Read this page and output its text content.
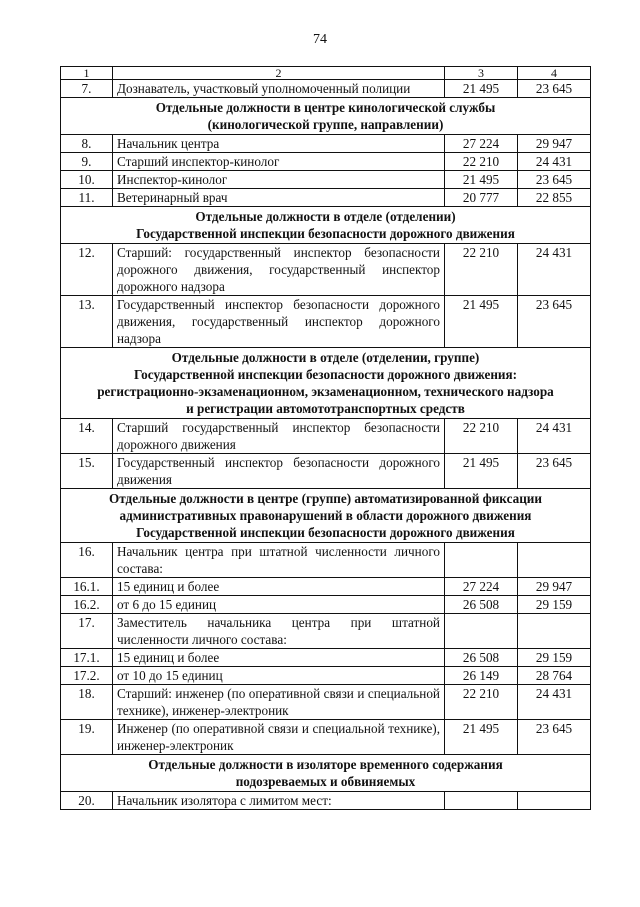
74
1	2	3	4
7.	Дознаватель, участковый уполномоченный полиции	21 495	23 645

Отдельные должности в центре кинологической службы
(кинологической группе, направлении)			

8.	Начальник центра	27 224	29 947
9.	Старший инспектор-кинолог	22 210	24 431
10.	Инспектор-кинолог	21 495	23 645
11.	Ветеринарный врач	20 777	22 855

Отдельные должности в отделе (отделении)
Государственной инспекции безопасности дорожного движения			

12.	Старший: государственный инспектор безопасности дорожного движения, государственный инспектор дорожного надзора	22 210	24 431
13.	Государственный инспектор безопасности дорожного движения, государственный инспектор дорожного надзора	21 495	23 645

Отдельные должности в отделе (отделении, группе)
Государственной инспекции безопасности дорожного движения:
регистрационно-экзаменационном, экзаменационном, технического надзора
и регистрации автомототранспортных средств			

14.	Старший государственный инспектор безопасности дорожного движения	22 210	24 431
15.	Государственный инспектор безопасности дорожного движения	21 495	23 645

Отдельные должности в центре (группе) автоматизированной фиксации
административных правонарушений в области дорожного движения
Государственной инспекции безопасности дорожного движения			

16.	Начальник центра при штатной численности личного состава:		
16.1.	15 единиц и более	27 224	29 947
16.2.	от 6 до 15 единиц	26 508	29 159
17.	Заместитель начальника центра при штатной численности личного состава:		
17.1.	15 единиц и более	26 508	29 159
17.2.	от 10 до 15 единиц	26 149	28 764
18.	Старший: инженер (по оперативной связи и специальной технике), инженер-электроник	22 210	24 431
19.	Инженер (по оперативной связи и специальной технике), инженер-электроник	21 495	23 645

Отдельные должности в изоляторе временного содержания
подозреваемых и обвиняемых			

20.	Начальник изолятора с лимитом мест:		
